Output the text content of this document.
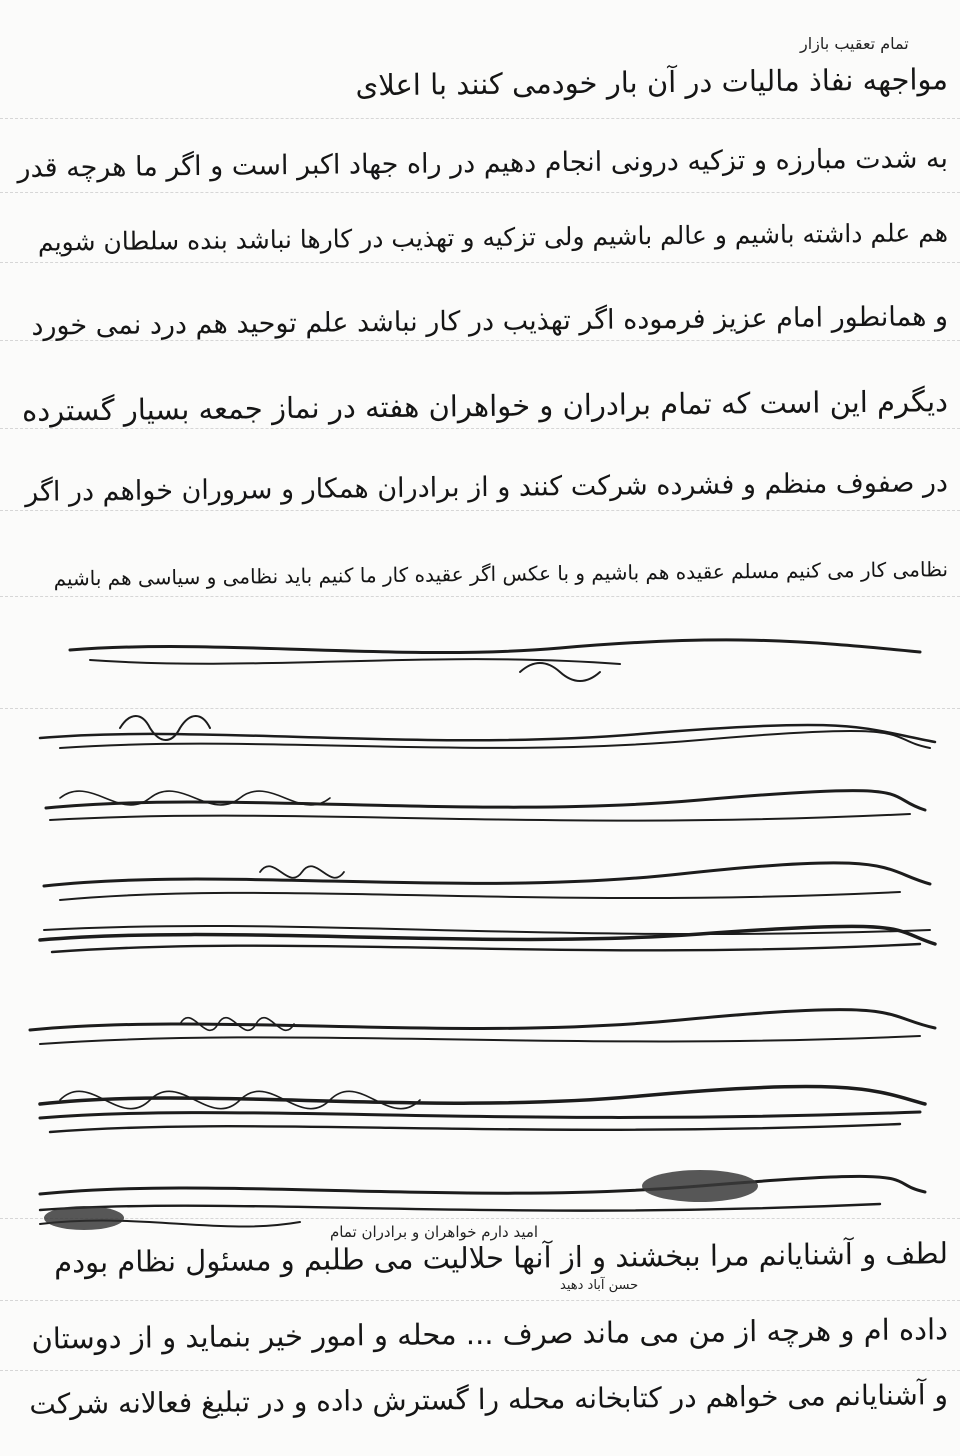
تمام تعقیب بازار
مواجهه نفاذ مالیات در آن بار خودمی کنند با اعلای
به شدت مبارزه و تزکیه درونی انجام دهیم در راه جهاد اکبر است و اگر ما هرچه قدر
هم علم داشته باشیم و عالم باشیم ولی تزکیه و تهذیب در کارها نباشد بنده سلطان شویم
و همانطور امام عزیز فرموده اگر تهذیب در کار نباشد علم توحید هم درد نمی خورد
دیگرم این است که تمام برادران و خواهران هفته در نماز جمعه بسیار گسترده
در صفوف منظم و فشرده شرکت کنند و از برادران همکار و سروران خواهم در اگر
نظامی کار می کنیم مسلم عقیده هم باشیم و با عکس اگر عقیده کار ما کنیم باید نظامی و سیاسی هم باشیم
امید دارم خواهران و برادران تمام
حسن آباد دهید
لطف و آشنایانم مرا ببخشند و از آنها حلالیت می طلبم و مسئول نظام بودم
داده ام و هرچه از من می ماند صرف ... محله و امور خیر بنماید و از دوستان
و آشنایانم می خواهم در کتابخانه محله را گسترش داده و در تبلیغ فعالانه شرکت
